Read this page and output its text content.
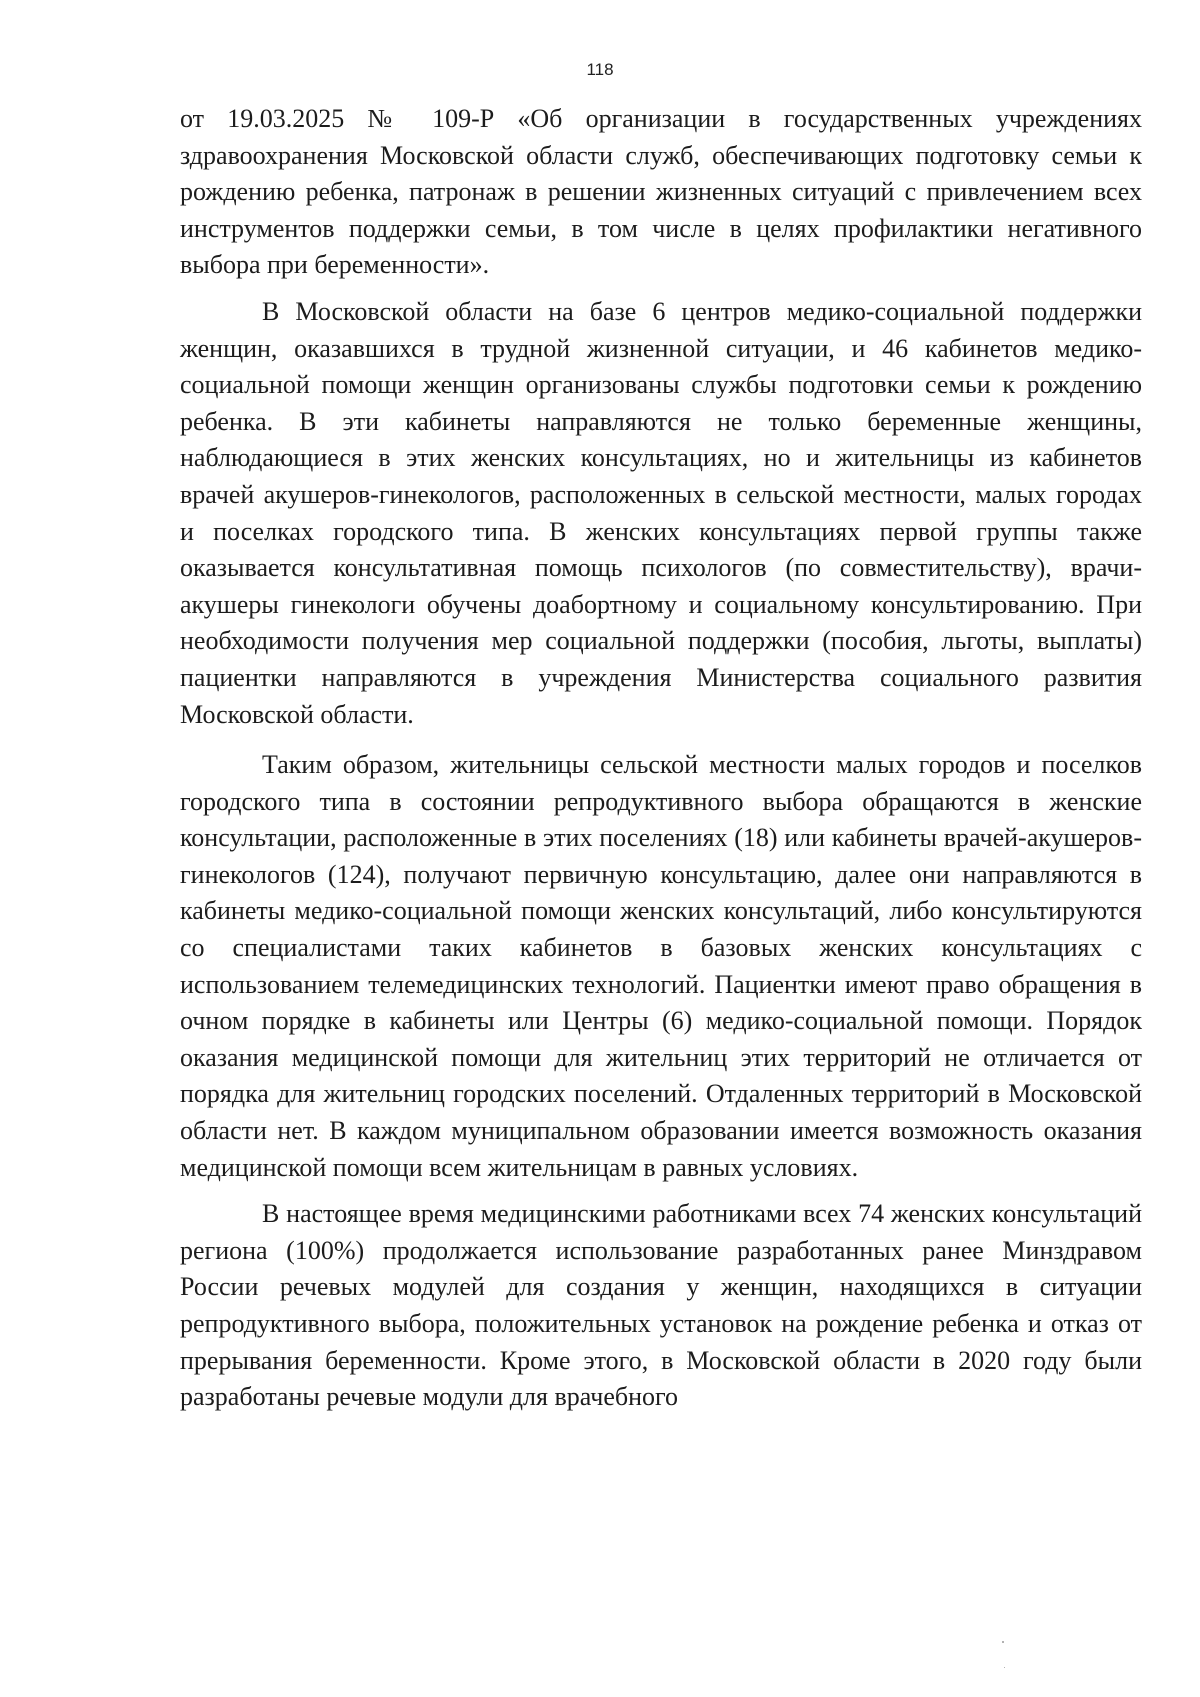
118

от 19.03.2025 № 109-Р «Об организации в государственных учреждениях здравоохранения Московской области служб, обеспечивающих подготовку семьи к рождению ребенка, патронаж в решении жизненных ситуаций с привлечением всех инструментов поддержки семьи, в том числе в целях профилактики негативного выбора при беременности».

В Московской области на базе 6 центров медико-социальной поддержки женщин, оказавшихся в трудной жизненной ситуации, и 46 кабинетов медико-социальной помощи женщин организованы службы подготовки семьи к рождению ребенка. В эти кабинеты направляются не только беременные женщины, наблюдающиеся в этих женских консультациях, но и жительницы из кабинетов врачей акушеров-гинекологов, расположенных в сельской местности, малых городах и поселках городского типа. В женских консультациях первой группы также оказывается консультативная помощь психологов (по совместительству), врачи-акушеры гинекологи обучены доабортному и социальному консультированию. При необходимости получения мер социальной поддержки (пособия, льготы, выплаты) пациентки направляются в учреждения Министерства социального развития Московской области.

Таким образом, жительницы сельской местности малых городов и поселков городского типа в состоянии репродуктивного выбора обращаются в женские консультации, расположенные в этих поселениях (18) или кабинеты врачей-акушеров-гинекологов (124), получают первичную консультацию, далее они направляются в кабинеты медико-социальной помощи женских консультаций, либо консультируются со специалистами таких кабинетов в базовых женских консультациях с использованием телемедицинских технологий. Пациентки имеют право обращения в очном порядке в кабинеты или Центры (6) медико-социальной помощи. Порядок оказания медицинской помощи для жительниц этих территорий не отличается от порядка для жительниц городских поселений. Отдаленных территорий в Московской области нет. В каждом муниципальном образовании имеется возможность оказания медицинской помощи всем жительницам в равных условиях.

В настоящее время медицинскими работниками всех 74 женских консультаций региона (100%) продолжается использование разработанных ранее Минздравом России речевых модулей для создания у женщин, находящихся в ситуации репродуктивного выбора, положительных установок на рождение ребенка и отказ от прерывания беременности. Кроме этого, в Московской области в 2020 году были разработаны речевые модули для врачебного
